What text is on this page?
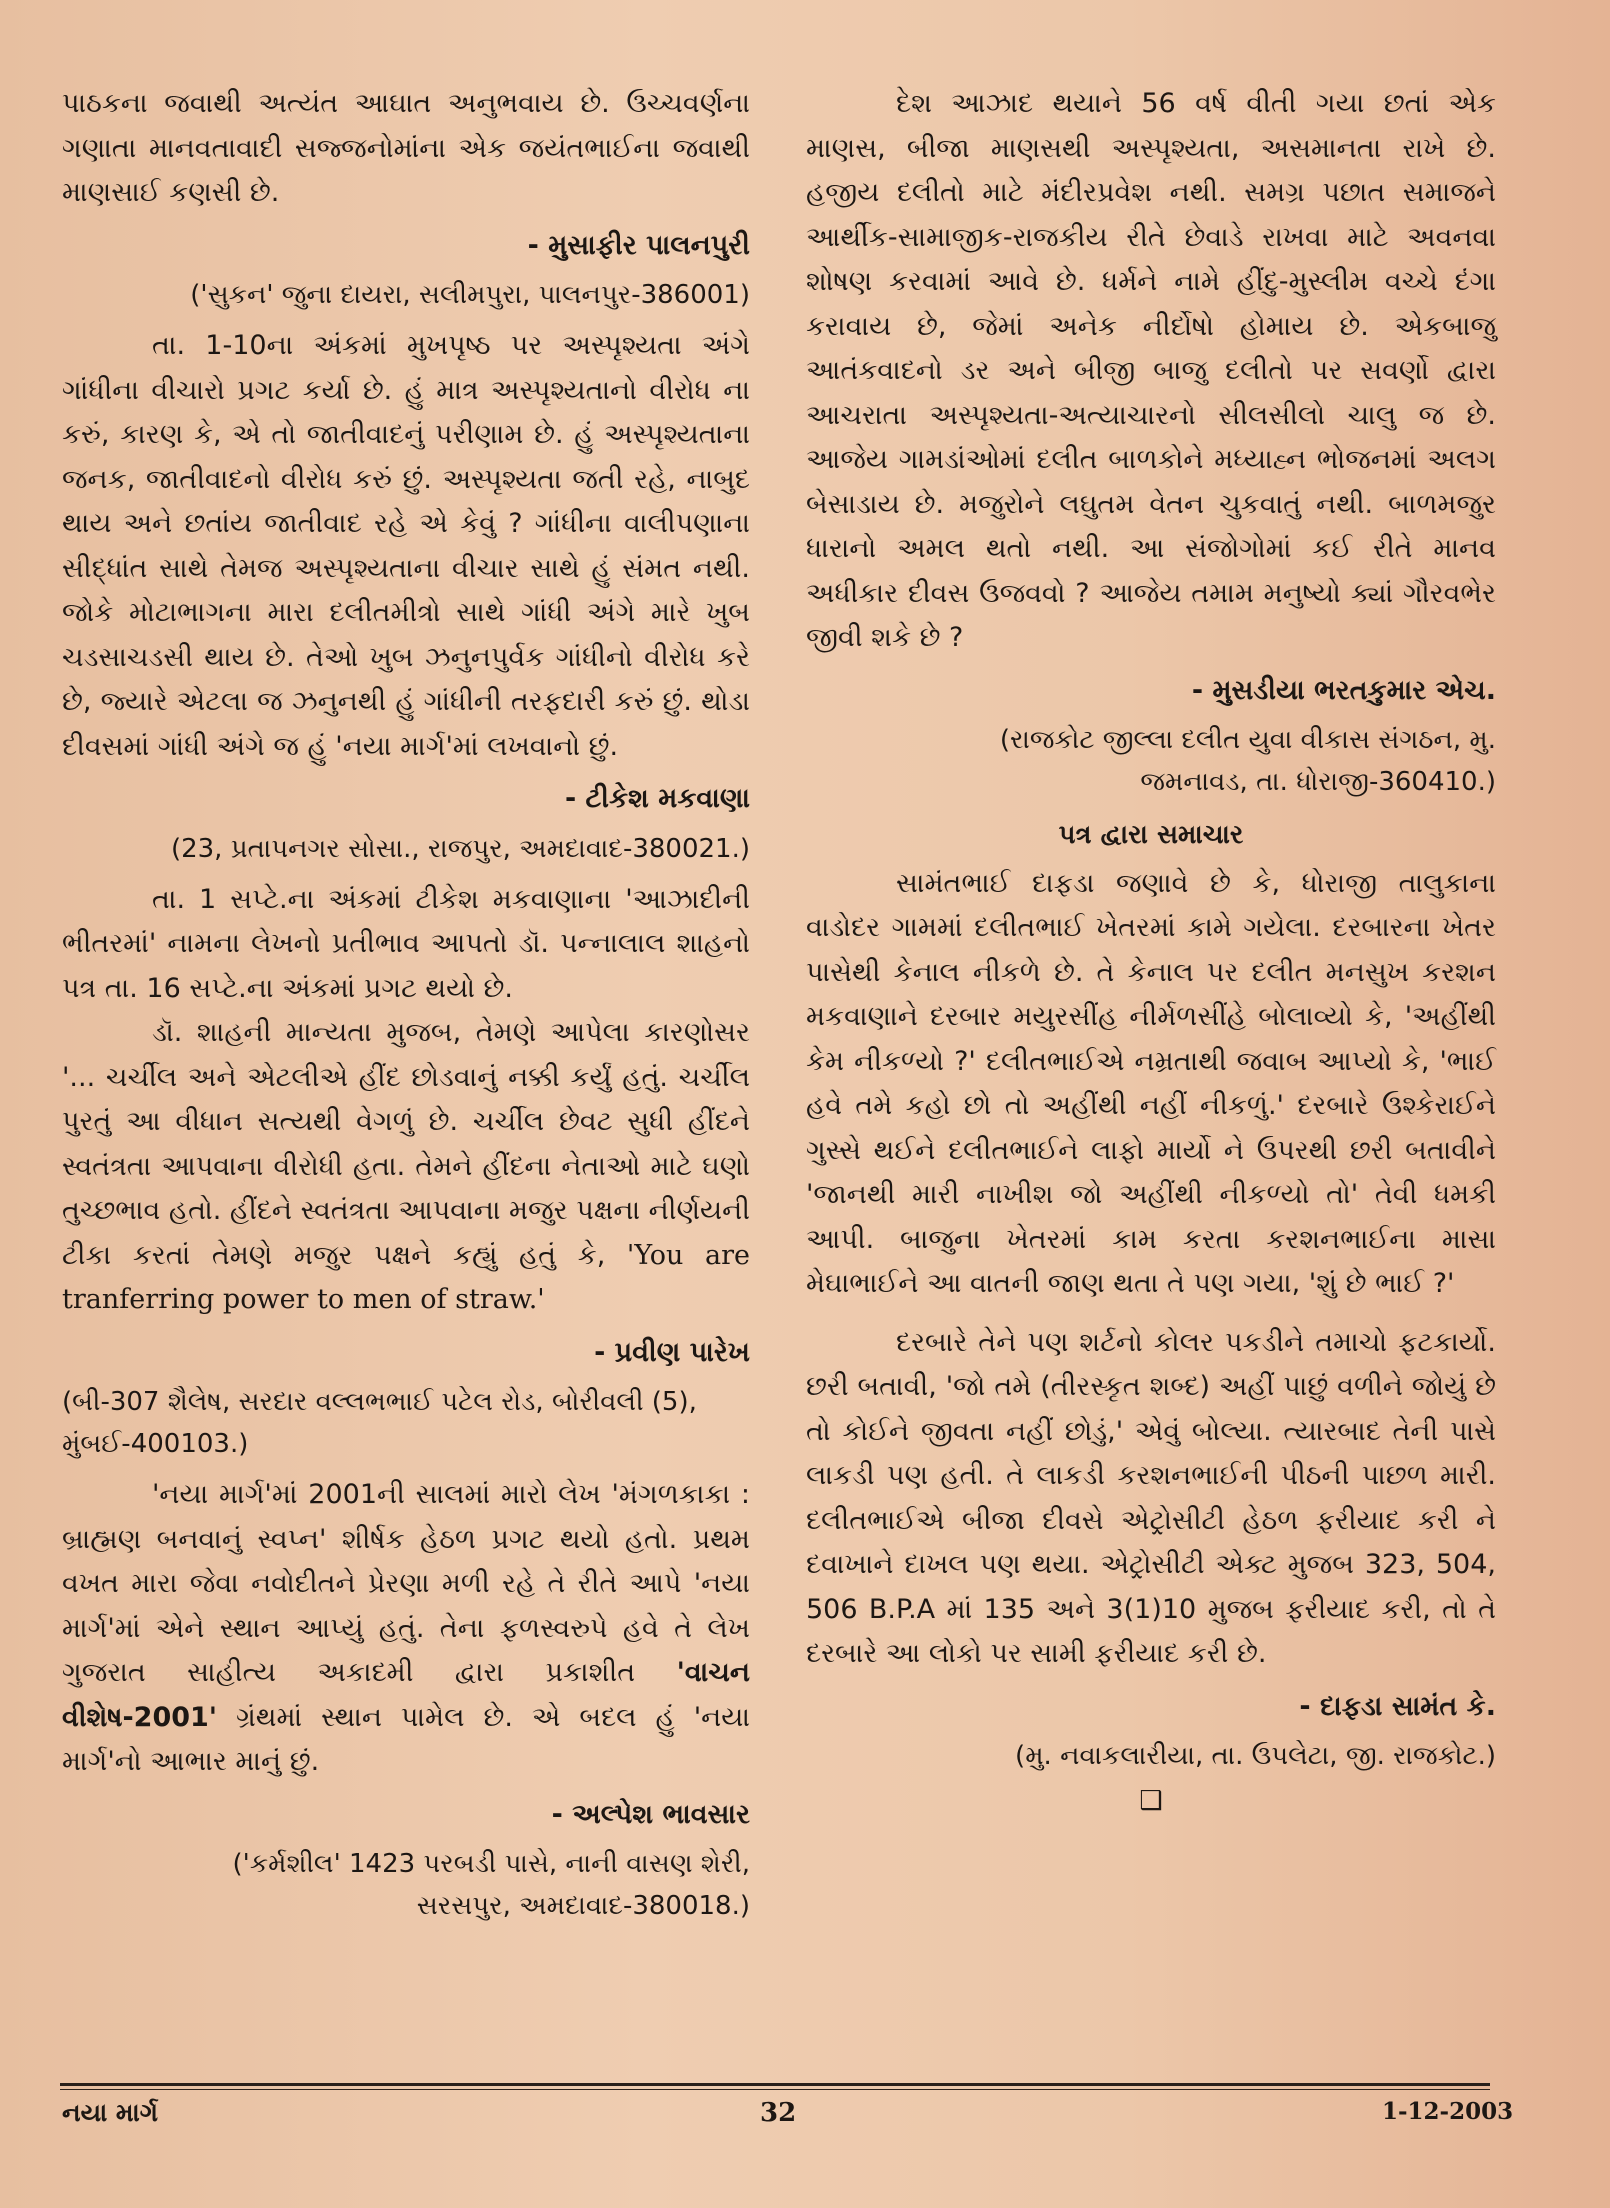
પાઠકના જવાથી અત્યંત આઘાત અનુભવાય છે. ઉચ્ચવર્ણના ગણાતા માનવતાવાદી સજ્જનોમાંના એક જયંતભાઈના જવાથી માણસાઈ કણસી છે.

- મુસાફીર પાલનપુરી
('સુકન' જુના દાયરા, સલીમપુરા, પાલનપુર-386001)

તા. 1-10ના અંકમાં મુખપૃષ્ઠ પર અસ્પૃશ્યતા અંગે ગાંધીના વીચારો પ્રગટ કર્યા છે. હું માત્ર અસ્પૃશ્યતાનો વીરોધ ના કરું, કારણ કે, એ તો જાતીવાદનું પરીણામ છે. હું અસ્પૃશ્યતાના જનક, જાતીવાદનો વીરોધ કરું છું. અસ્પૃશ્યતા જતી રહે, નાબુદ થાય અને છતાંય જાતીવાદ રહે એ કેવું ? ગાંધીના વાલીપણાના સીદ્ધાંત સાથે તેમજ અસ્પૃશ્યતાના વીચાર સાથે હું સંમત નથી. જોકે મોટાભાગના મારા દલીતમીત્રો સાથે ગાંધી અંગે મારે ખુબ ચડસાચડસી થાય છે. તેઓ ખુબ ઝનુનપુર્વક ગાંધીનો વીરોધ કરે છે, જ્યારે એટલા જ ઝનુનથી હું ગાંધીની તરફદારી કરું છું. થોડા દીવસમાં ગાંધી અંગે જ હું 'નયા માર્ગ'માં લખવાનો છું.

- ટીકેશ મકવાણા
(23, પ્રતાપનગર સોસા., રાજપુર, અમદાવાદ-380021.)

તા. 1 સપ્ટે.ના અંકમાં ટીકેશ મકવાણાના 'આઝાદીની ભીતરમાં' નામના લેખનો પ્રતીભાવ આપતો ડૉ. પન્નાલાલ શાહનો પત્ર તા. 16 સપ્ટે.ના અંકમાં પ્રગટ થયો છે.

ડૉ. શાહની માન્યતા મુજબ, તેમણે આપેલા કારણોસર '... ચર્ચીલ અને એટલીએ હીંદ છોડવાનું નક્કી કર્યું હતું. ચર્ચીલ પુરતું આ વીધાન સત્યથી વેગળું છે. ચર્ચીલ છેવટ સુધી હીંદને સ્વતંત્રતા આપવાના વીરોધી હતા. તેમને હીંદના નેતાઓ માટે ઘણો તુચ્છભાવ હતો. હીંદને સ્વતંત્રતા આપવાના મજુર પક્ષના નીર્ણયની ટીકા કરતાં તેમણે મજુર પક્ષને કહ્યું હતું કે, 'You are tranferring power to men of straw.'

- પ્રવીણ પારેખ
(બી-307 શૈલેષ, સરદાર વલ્લભભાઈ પટેલ રોડ, બોરીવલી (5), મુંબઈ-400103.)

'નયા માર્ગ'માં 2001ની સાલમાં મારો લેખ 'મંગળકાકા : બ્રાહ્મણ બનવાનું સ્વપ્ન' શીર્ષક હેઠળ પ્રગટ થયો હતો. પ્રથમ વખત મારા જેવા નવોદીતને પ્રેરણા મળી રહે તે રીતે આપે 'નયા માર્ગ'માં એને સ્થાન આપ્યું હતું. તેના ફળસ્વરુપે હવે તે લેખ ગુજરાત સાહીત્ય અકાદમી દ્વારા પ્રકાશીત 'વાચન વીશેષ-2001' ગ્રંથમાં સ્થાન પામેલ છે. એ બદલ હું 'નયા માર્ગ'નો આભાર માનું છું.

- અલ્પેશ ભાવસાર
('કર્મશીલ' 1423 પરબડી પાસે, નાની વાસણ શેરી,
સરસપુર, અમદાવાદ-380018.)

દેશ આઝાદ થયાને 56 વર્ષ વીતી ગયા છતાં એક માણસ, બીજા માણસથી અસ્પૃશ્યતા, અસમાનતા રાખે છે. હજીય દલીતો માટે મંદીરપ્રવેશ નથી. સમગ્ર પછાત સમાજને આર્થીક-સામાજીક-રાજકીય રીતે છેવાડે રાખવા માટે અવનવા શોષણ કરવામાં આવે છે. ધર્મને નામે હીંદુ-મુસ્લીમ વચ્ચે દંગા કરાવાય છે, જેમાં અનેક નીર્દોષો હોમાય છે. એકબાજુ આતંકવાદનો ડર અને બીજી બાજુ દલીતો પર સવર્ણો દ્વારા આચરાતા અસ્પૃશ્યતા-અત્યાચારનો સીલસીલો ચાલુ જ છે. આજેય ગામડાંઓમાં દલીત બાળકોને મધ્યાહ્ન ભોજનમાં અલગ બેસાડાય છે. મજુરોને લઘુતમ વેતન ચુકવાતું નથી. બાળમજુર ધારાનો અમલ થતો નથી. આ સંજોગોમાં કઈ રીતે માનવ અધીકાર દીવસ ઉજવવો ? આજેય તમામ મનુષ્યો ક્યાં ગૌરવભેર જીવી શકે છે ?

- મુસડીયા ભરતકુમાર એચ.
(રાજકોટ જીલ્લા દલીત યુવા વીકાસ સંગઠન, મુ.
જમનાવડ, તા. ધોરાજી-360410.)
પત્ર દ્વારા સમાચાર

સામંતભાઈ દાફડા જણાવે છે કે, ધોરાજી તાલુકાના વાડોદર ગામમાં દલીતભાઈ ખેતરમાં કામે ગયેલા. દરબારના ખેતર પાસેથી કેનાલ નીકળે છે. તે કેનાલ પર દલીત મનસુખ કરશન મકવાણાને દરબાર મયુરસીંહ નીર્મળસીંહે બોલાવ્યો કે, 'અહીંથી કેમ નીકળ્યો ?' દલીતભાઈએ નમ્રતાથી જવાબ આપ્યો કે, 'ભાઈ હવે તમે કહો છો તો અહીંથી નહીં નીકળું.' દરબારે ઉશ્કેરાઈને ગુસ્સે થઈને દલીતભાઈને લાફો માર્યો ને ઉપરથી છરી બતાવીને 'જાનથી મારી નાખીશ જો અહીંથી નીકળ્યો તો' તેવી ધમકી આપી. બાજુના ખેતરમાં કામ કરતા કરશનભાઈના માસા મેઘાભાઈને આ વાતની જાણ થતા તે પણ ગયા, 'શું છે ભાઈ ?'

દરબારે તેને પણ શર્ટનો કોલર પકડીને તમાચો ફટકાર્યો. છરી બતાવી, 'જો તમે (તીરસ્કૃત શબ્દ) અહીં પાછું વળીને જોયું છે તો કોઈને જીવતા નહીં છોડું,' એવું બોલ્યા. ત્યારબાદ તેની પાસે લાકડી પણ હતી. તે લાકડી કરશનભાઈની પીઠની પાછળ મારી. દલીતભાઈએ બીજા દીવસે એટ્રોસીટી હેઠળ ફરીયાદ કરી ને દવાખાને દાખલ પણ થયા. એટ્રોસીટી એક્ટ મુજબ 323, 504, 506 B.P.A માં 135 અને 3(1)10 મુજબ ફરીયાદ કરી, તો તે દરબારે આ લોકો પર સામી ફરીયાદ કરી છે.

- દાફડા સામંત કે.
(મુ. નવાકલારીયા, તા. ઉપલેટા, જી. રાજકોટ.)
❑
નયા માર્ગ	32	1-12-2003
